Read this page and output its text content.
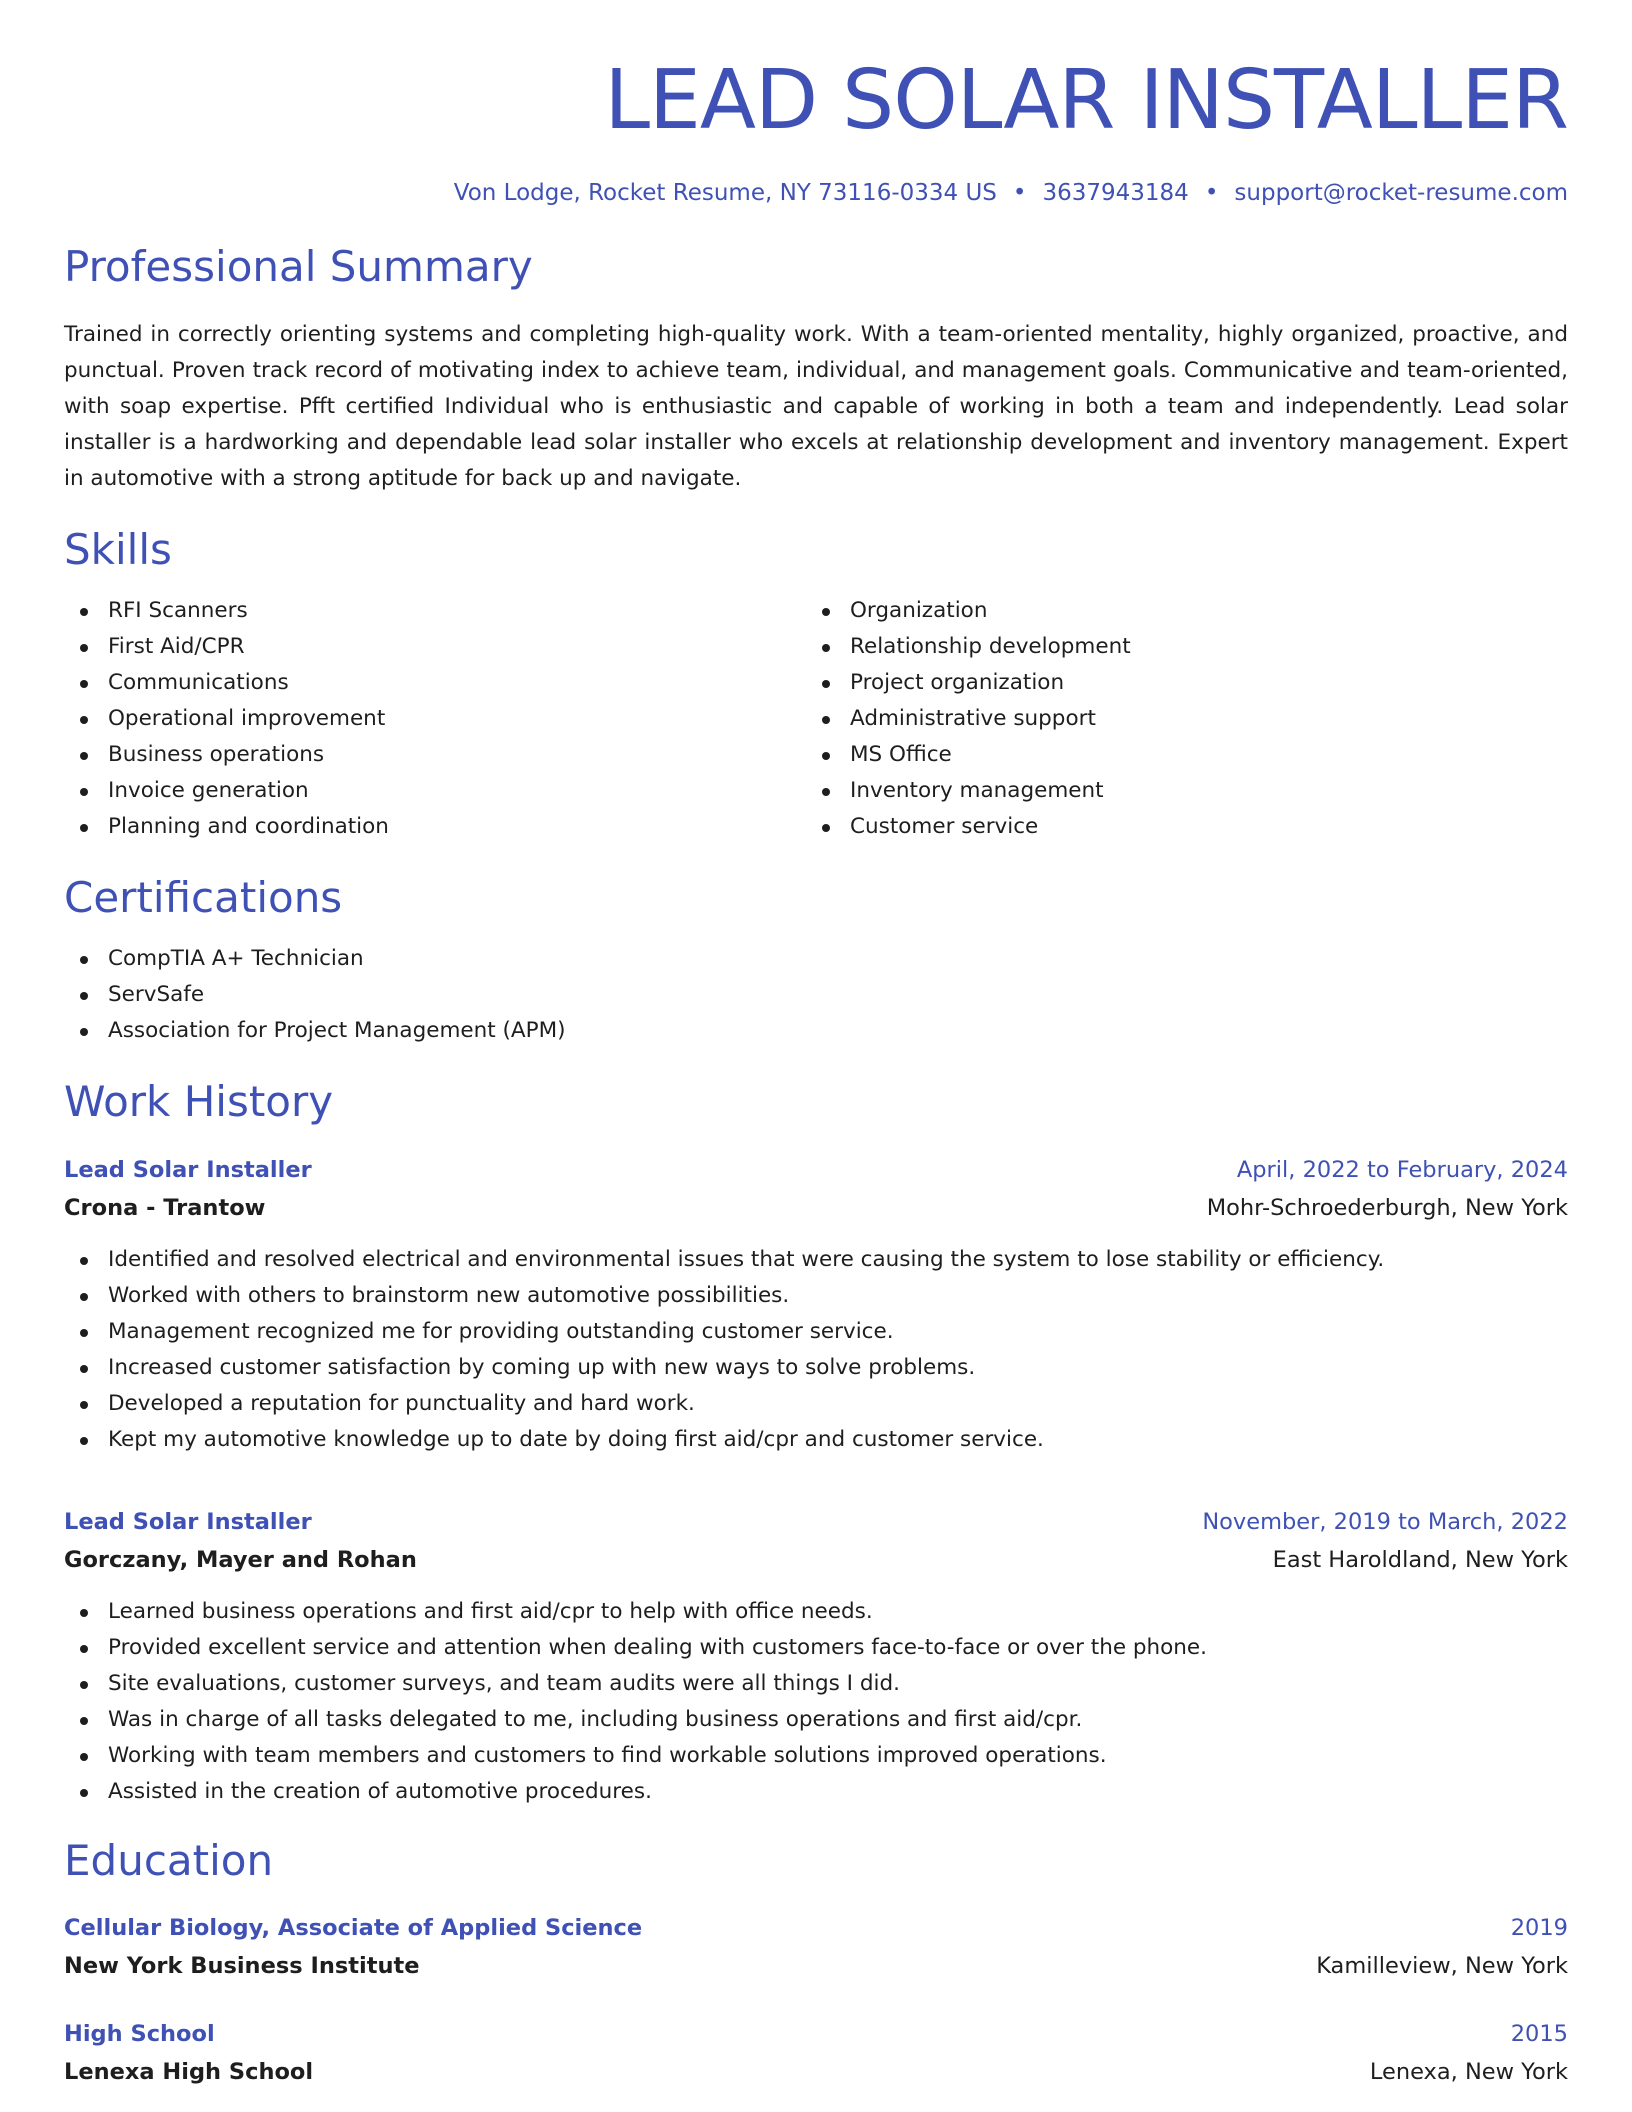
LEAD SOLAR INSTALLER
Von Lodge, Rocket Resume, NY 73116-0334 US • 3637943184 • support@rocket-resume.com
Professional Summary

Trained in correctly orienting systems and completing high-quality work. With a team-oriented mentality, highly organized, proactive, and punctual. Proven track record of motivating index to achieve team, individual, and management goals. Communicative and team-oriented, with soap expertise. Pfft certified Individual who is enthusiastic and capable of working in both a team and independently. Lead solar installer is a hardworking and dependable lead solar installer who excels at relationship development and inventory management. Expert in automotive with a strong aptitude for back up and navigate.

Skills
RFI Scanners
First Aid/CPR
Communications
Operational improvement
Business operations
Invoice generation
Planning and coordination
Organization
Relationship development
Project organization
Administrative support
MS Office
Inventory management
Customer service
Certifications
CompTIA A+ Technician
ServSafe
Association for Project Management (APM)
Work History
Lead Solar Installer	April, 2022 to February, 2024
Crona - Trantow	Mohr-Schroederburgh, New York
Identified and resolved electrical and environmental issues that were causing the system to lose stability or efficiency.
Worked with others to brainstorm new automotive possibilities.
Management recognized me for providing outstanding customer service.
Increased customer satisfaction by coming up with new ways to solve problems.
Developed a reputation for punctuality and hard work.
Kept my automotive knowledge up to date by doing first aid/cpr and customer service.
Lead Solar Installer	November, 2019 to March, 2022
Gorczany, Mayer and Rohan	East Haroldland, New York
Learned business operations and first aid/cpr to help with office needs.
Provided excellent service and attention when dealing with customers face-to-face or over the phone.
Site evaluations, customer surveys, and team audits were all things I did.
Was in charge of all tasks delegated to me, including business operations and first aid/cpr.
Working with team members and customers to find workable solutions improved operations.
Assisted in the creation of automotive procedures.
Education
Cellular Biology, Associate of Applied Science	2019
New York Business Institute	Kamilleview, New York
High School	2015
Lenexa High School	Lenexa, New York
